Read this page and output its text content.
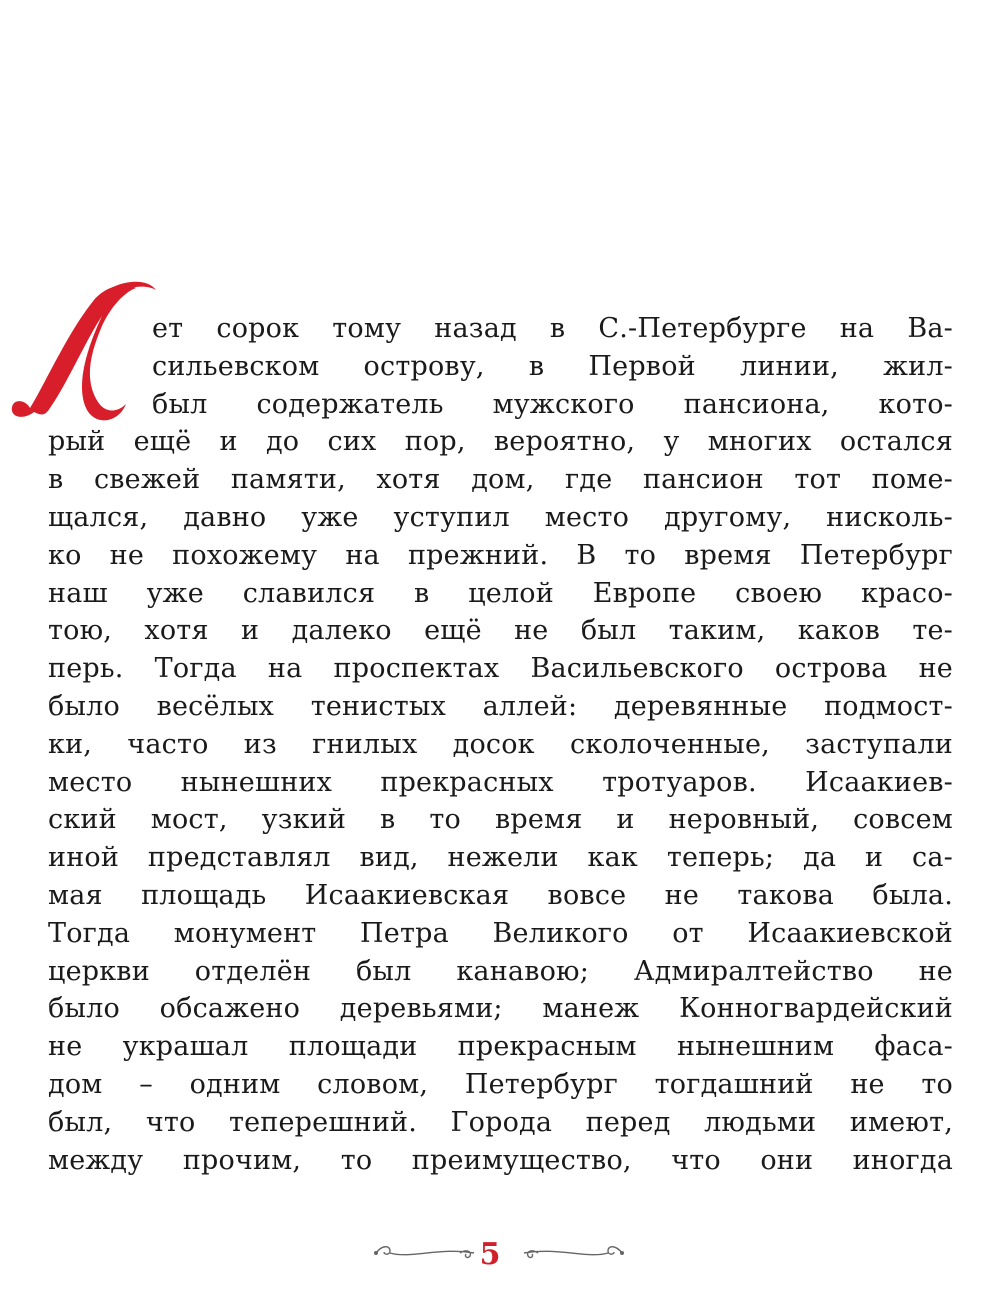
ет сорок тому назад в С.-Петербурге на Ва-
сильевском острову, в Первой линии, жил-
был содержатель мужского пансиона, кото-
рый ещё и до сих пор, вероятно, у многих остался
в свежей памяти, хотя дом, где пансион тот поме-
щался, давно уже уступил место другому, нисколь-
ко не похожему на прежний. В то время Петербург
наш уже славился в целой Европе своею красо-
тою, хотя и далеко ещё не был таким, каков те-
перь. Тогда на проспектах Васильевского острова не
было весёлых тенистых аллей: деревянные подмост-
ки, часто из гнилых досок сколоченные, заступали
место нынешних прекрасных тротуаров. Исаакиев-
ский мост, узкий в то время и неровный, совсем
иной представлял вид, нежели как теперь; да и са-
мая площадь Исаакиевская вовсе не такова была.
Тогда монумент Петра Великого от Исаакиевской
церкви отделён был канавою; Адмиралтейство не
было обсажено деревьями; манеж Конногвардейский
не украшал площади прекрасным нынешним фаса-
дом – одним словом, Петербург тогдашний не то
был, что теперешний. Города перед людьми имеют,
между прочим, то преимущество, что они иногда
5
